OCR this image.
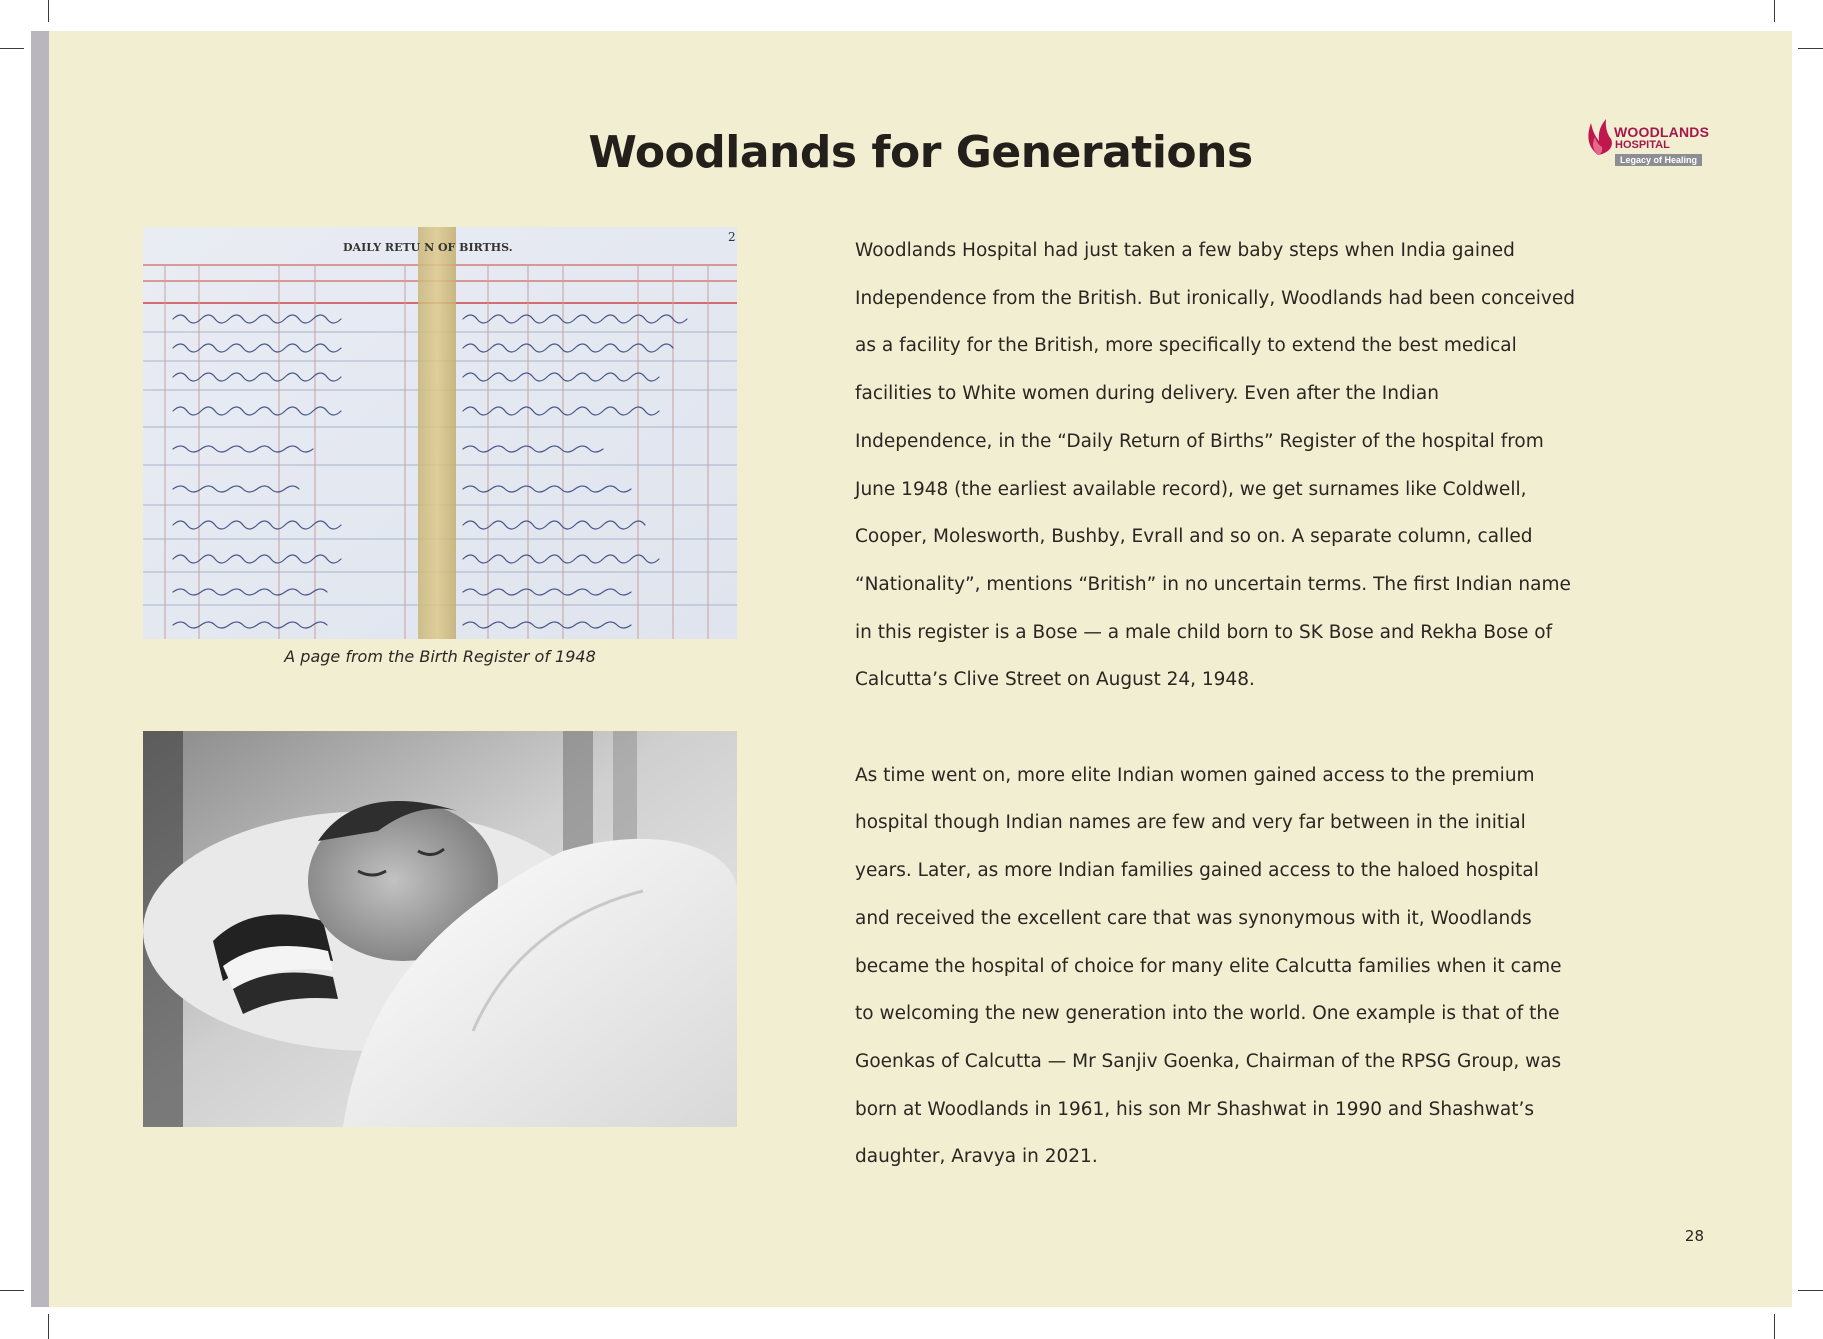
Woodlands for Generations	WOODLANDS
HOSPITAL
Legacy of Healing
DAILY RETU N OF BIRTHS.
2
A page from the Birth Register of 1948

Woodlands Hospital had just taken a few baby steps when India gained Independence from the British. But ironically, Woodlands had been conceived as a facility for the British, more specifically to extend the best medical facilities to White women during delivery. Even after the Indian Independence, in the “Daily Return of Births” Register of the hospital from June 1948 (the earliest available record), we get surnames like Coldwell, Cooper, Molesworth, Bushby, Evrall and so on. A separate column, called “Nationality”, mentions “British” in no uncertain terms. The first Indian name in this register is a Bose — a male child born to SK Bose and Rekha Bose of Calcutta’s Clive Street on August 24, 1948.

As time went on, more elite Indian women gained access to the premium hospital though Indian names are few and very far between in the initial years. Later, as more Indian families gained access to the haloed hospital and received the excellent care that was synonymous with it, Woodlands became the hospital of choice for many elite Calcutta families when it came to welcoming the new generation into the world. One example is that of the Goenkas of Calcutta — Mr Sanjiv Goenka, Chairman of the RPSG Group, was born at Woodlands in 1961, his son Mr Shashwat in 1990 and Shashwat’s daughter, Aravya in 2021.

28
